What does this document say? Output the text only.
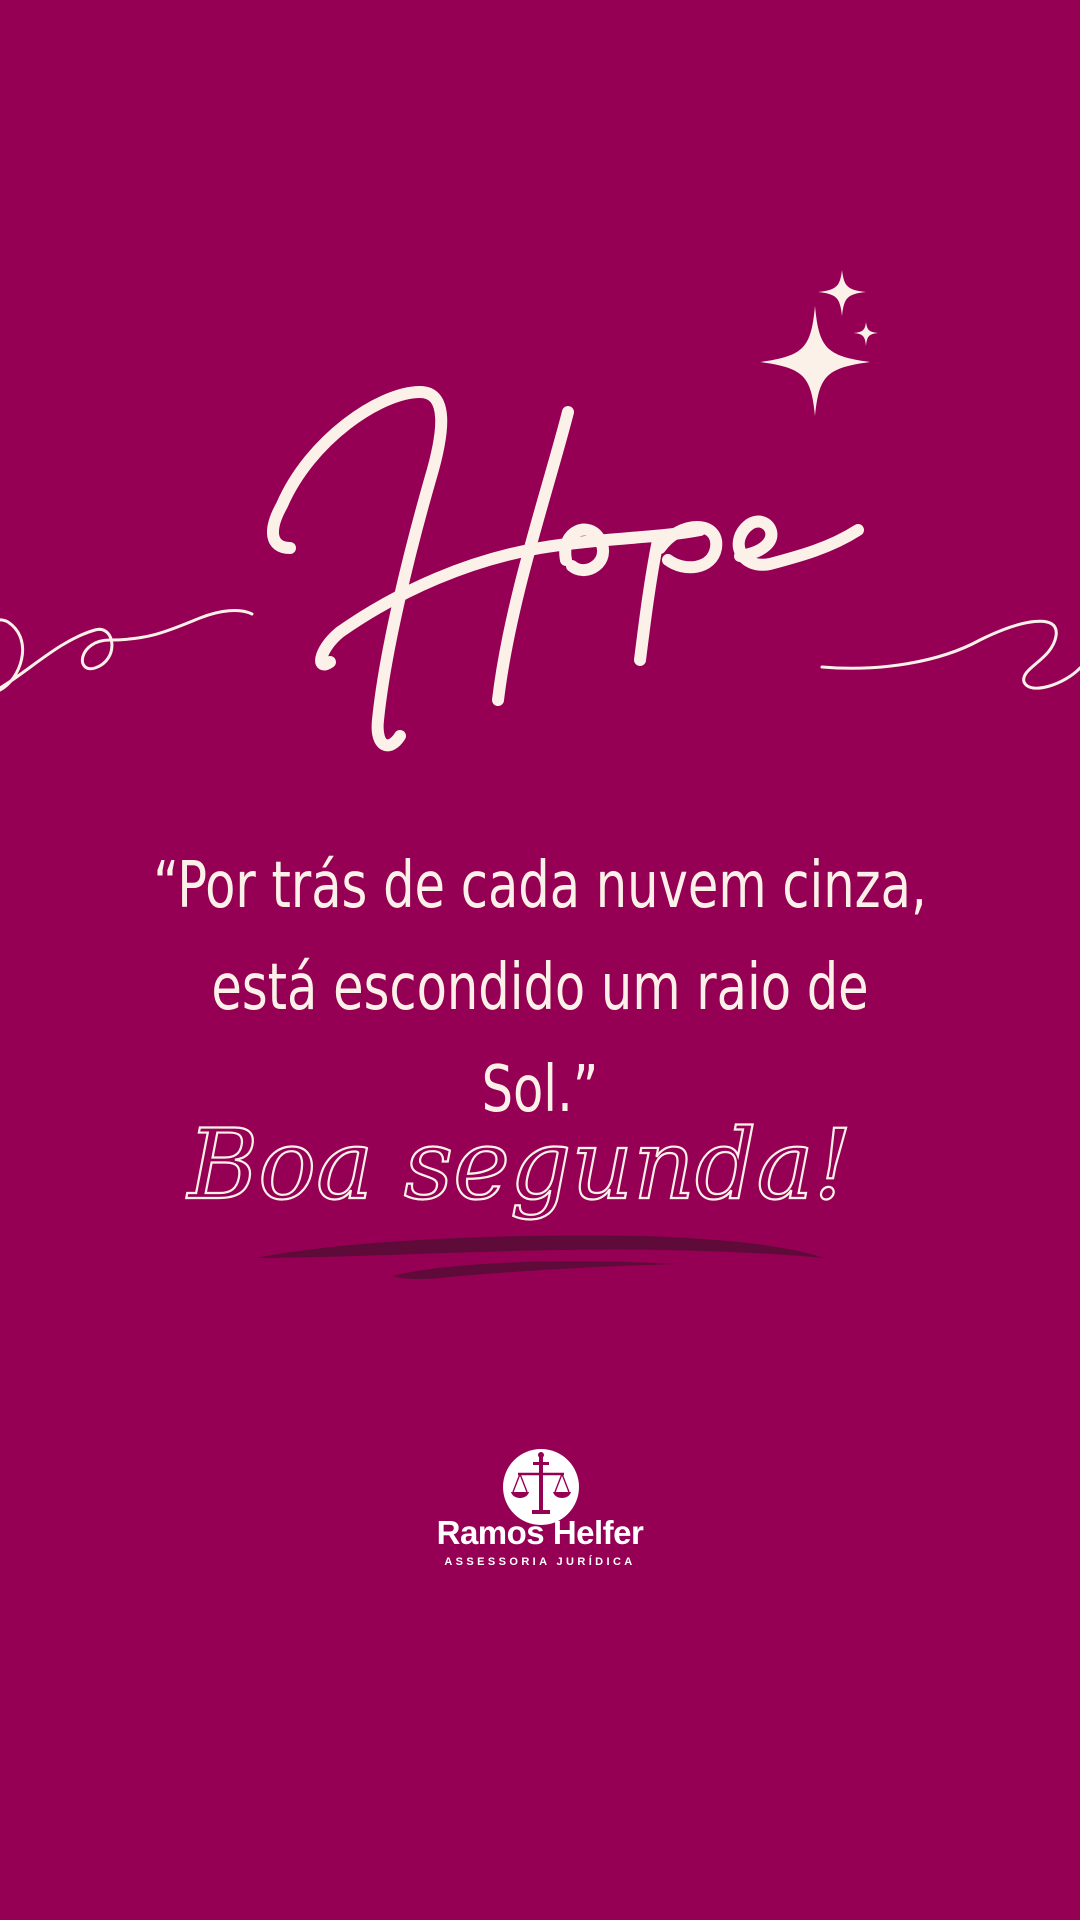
“Por trás de cada nuvem cinza, está escondido um raio de Sol.”

Boa segunda!
Ramos Helfer
ASSESSORIA JURÍDICA
